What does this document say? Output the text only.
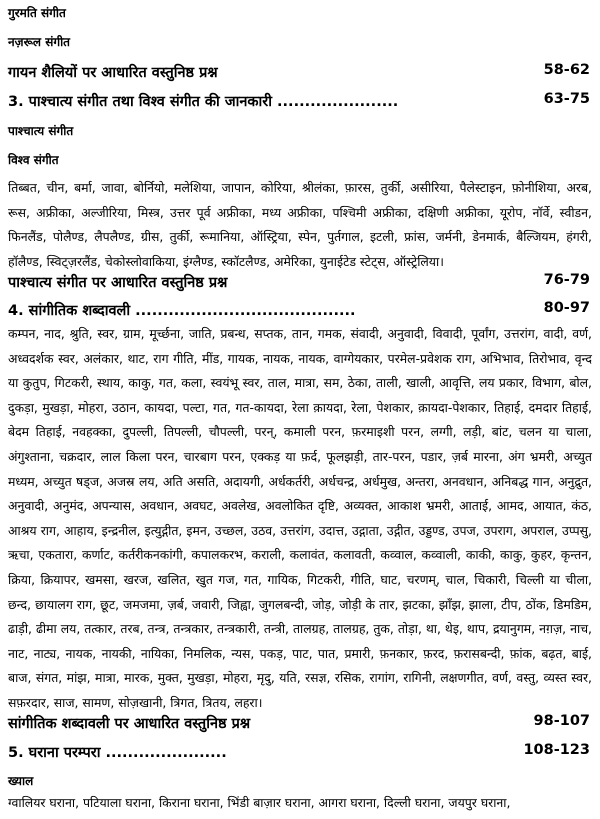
गुरमति संगीत
नज़रूल संगीत
गायन शैलियों पर आधारित वस्तुनिष्ठ प्रश्न	58-62
3. पाश्चात्य संगीत तथा विश्व संगीत की जानकारी ......................	63-75
पाश्चात्य संगीत
विश्व संगीत
तिब्बत, चीन, बर्मा, जावा, बोर्नियो, मलेशिया, जापान, कोरिया, श्रीलंका, फ़ारस, तुर्की, असीरिया, पैलेस्टाइन, फ़ोनीशिया, अरब, रूस, अफ्रीका, अल्जीरिया, मिस्त्र, उत्तर पूर्व अफ्रीका, मध्य अफ्रीका, पश्चिमी अफ्रीका, दक्षिणी अफ्रीका, यूरोप, नॉर्वे, स्वीडन, फिनलैंड, पोलैण्ड, लैपलैण्ड, ग्रीस, तुर्की, रूमानिया, ऑस्ट्रिया, स्पेन, पुर्तगाल, इटली, फ्रांस, जर्मनी, डेनमार्क, बैल्जियम, हंगरी, हॉलैण्ड, स्विट्ज़रलैंड, चेकोस्लोवाकिया, इंग्लैण्ड, स्कॉटलैण्ड, अमेरिका, युनाईटेड स्टेट्स, ऑस्ट्रेलिया।
पाश्चात्य संगीत पर आधारित वस्तुनिष्ठ प्रश्न	76-79
4. सांगीतिक शब्दावली ........................................	80-97
कम्पन, नाद, श्रुति, स्वर, ग्राम, मूर्च्छना, जाति, प्रबन्ध, सप्तक, तान, गमक, संवादी, अनुवादी, विवादी, पूर्वांग, उत्तरांग, वादी, वर्ण, अध्वदर्शक स्वर, अलंकार, थाट, राग गीति, मींड, गायक, नायक, नायक, वाग्गेयकार, परमेल-प्रवेशक राग, अभिभाव, तिरोभाव, वृन्द या कुतुप, गिटकरी, स्थाय, काकु, गत, कला, स्वयंभू स्वर, ताल, मात्रा, सम, ठेका, ताली, खाली, आवृत्ति, लय प्रकार, विभाग, बोल, दुकड़ा, मुखड़ा, मोहरा, उठान, कायदा, पल्टा, गत, गत-कायदा, रेला क़ायदा, रेला, पेशकार, क़ायदा-पेशकार, तिहाई, दमदार तिहाई, बेदम तिहाई, नवहक्का, दुपल्ली, तिपल्ली, चौपल्ली, परन्, कमाली परन, फ़रमाइशी परन, लग्गी, लड़ी, बांट, चलन या चाला, अंगुश्ताना, चक्रदार, लाल किला परन, चारबाग परन, एक्कड़ या फ़र्द, फूलझड़ी, तार-परन, पडार, ज़र्ब मारना, अंग भ्रमरी, अच्युत मध्यम, अच्युत षड्ज, अजस्र लय, अति असति, अदायगी, अर्धकर्तरी, अर्धचन्द्र, अर्धमुख, अन्तरा, अनवधान, अनिबद्ध गान, अनुद्रुत, अनुवादी, अनुमंद, अपन्यास, अवधान, अवघट, अवलेख, अवलोकित दृष्टि, अव्यक्त, आकाश भ्रमरी, आताई, आमद, आयात, कंठ, आश्रय राग, आहाय, इन्द्रनील, इत्युद्गीत, इमन, उच्छल, उठव, उत्तरांग, उदात्त, उद्गाता, उद्गीत, उड्डण्ड, उपज, उपराग, अपराल, उप्पसु, ऋचा, एकतारा, कर्णाट, कर्तरीकनकांगी, कपालकरभ, कराली, कलावंत, कलावती, कव्वाल, कव्वाली, काकी, काकु, कुहर, कृन्तन, क्रिया, क्रियापर, खमसा, खरज, खलित, खुत गज, गत, गायिक, गिटकरी, गीति, घाट, चरणम्, चाल, चिकारी, चिल्ली या चीला, छन्द, छायालग राग, छूट, जमजमा, ज़र्ब, जवारी, जिह्वा, जुगलबन्दी, जोड़, जोड़ी के तार, झटका, झाँझ, झाला, टीप, ठोंक, डिमडिम, ढाड़ी, ढीमा लय, तत्कार, तरब, तन्त्र, तन्त्रकार, तन्त्रकारी, तन्त्री, तालग्रह, तालग्रह, तुक, तोड़ा, था, थेइ, थाप, द्रयानुगम, नग़ज़, नाच, नाट, नाट्य, नायक, नायकी, नायिका, निमलिक, न्यस, पकड़, पाट, पात, प्रमारी, फ़नकार, फ़रद, फ़रासबन्दी, फ़ांक, बढ़त, बाई, बाज, संगत, मांझ, मात्रा, मारक, मुक्त, मुखड़ा, मोहरा, मृदु, यति, रसज्ञ, रसिक, रागांग, रागिनी, लक्षणगीत, वर्ण, वस्तु, व्यस्त स्वर, सफ़रदार, साज, सामण, सोज़खानी, त्रिगत, त्रितय, लहरा।
सांगीतिक शब्दावली पर आधारित वस्तुनिष्ठ प्रश्न	98-107
5. घराना परम्परा ......................	108-123
ख्याल
ग्वालियर घराना, पटियाला घराना, किराना घराना, भिंडी बाज़ार घराना, आगरा घराना, दिल्ली घराना, जयपुर घराना,
